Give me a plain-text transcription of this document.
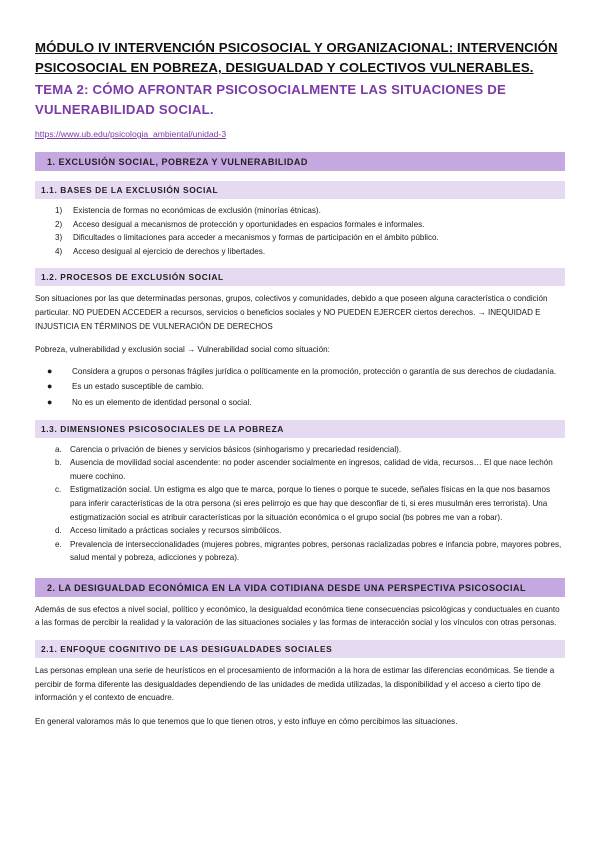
MÓDULO IV INTERVENCIÓN PSICOSOCIAL Y ORGANIZACIONAL: INTERVENCIÓN PSICOSOCIAL EN POBREZA, DESIGUALDAD Y COLECTIVOS VULNERABLES.
TEMA 2: CÓMO AFRONTAR PSICOSOCIALMENTE LAS SITUACIONES DE VULNERABILIDAD SOCIAL.
https://www.ub.edu/psicologia_ambiental/unidad-3
1. EXCLUSIÓN SOCIAL, POBREZA Y VULNERABILIDAD
1.1. BASES DE LA EXCLUSIÓN SOCIAL
1) Existencia de formas no económicas de exclusión (minorías étnicas).
2) Acceso desigual a mecanismos de protección y oportunidades en espacios formales e informales.
3) Dificultades o limitaciones para acceder a mecanismos y formas de participación en el ámbito público.
4) Acceso desigual al ejercicio de derechos y libertades.
1.2. PROCESOS DE EXCLUSIÓN SOCIAL
Son situaciones por las que determinadas personas, grupos, colectivos y comunidades, debido a que poseen alguna característica o condición particular. NO PUEDEN ACCEDER a recursos, servicios o beneficios sociales y NO PUEDEN EJERCER ciertos derechos. → INEQUIDAD E INJUSTICIA EN TÉRMINOS DE VULNERACIÓN DE DERECHOS
Pobreza, vulnerabilidad y exclusión social → Vulnerabilidad social como situación:
● Considera a grupos o personas frágiles jurídica o políticamente en la promoción, protección o garantía de sus derechos de ciudadanía.
● Es un estado susceptible de cambio.
● No es un elemento de identidad personal o social.
1.3. DIMENSIONES PSICOSOCIALES DE LA POBREZA
a. Carencia o privación de bienes y servicios básicos (sinhogarismo y precariedad residencial).
b. Ausencia de movilidad social ascendente: no poder ascender socialmente en ingresos, calidad de vida, recursos… El que nace lechón muere cochino.
c. Estigmatización social. Un estigma es algo que te marca, porque lo tienes o porque te sucede, señales físicas en la que nos basamos para inferir características de la otra persona (si eres pelirrojo es que hay que desconfiar de ti, si eres musulmán eres terrorista). Una estigmatización social es atribuir características por la situación económica o el grupo social (bs pobres me van a robar).
d. Acceso limitado a prácticas sociales y recursos simbólicos.
e. Prevalencia de interseccionalidades (mujeres pobres, migrantes pobres, personas racializadas pobres e infancia pobre, mayores pobres, salud mental y pobreza, adicciones y pobreza).
2. LA DESIGUALDAD ECONÓMICA EN LA VIDA COTIDIANA DESDE UNA PERSPECTIVA PSICOSOCIAL
Además de sus efectos a nivel social, político y económico, la desigualdad económica tiene consecuencias psicológicas y conductuales en cuanto a las formas de percibir la realidad y la valoración de las situaciones sociales y las formas de interacción social y los vínculos con otras personas.
2.1. ENFOQUE COGNITIVO DE LAS DESIGUALDADES SOCIALES
Las personas emplean una serie de heurísticos en el procesamiento de información a la hora de estimar las diferencias económicas. Se tiende a percibir de forma diferente las desigualdades dependiendo de las unidades de medida utilizadas, la disponibilidad y el acceso a cierto tipo de información y el contexto de encuadre.
En general valoramos más lo que tenemos que lo que tienen otros, y esto influye en cómo percibimos las situaciones.
